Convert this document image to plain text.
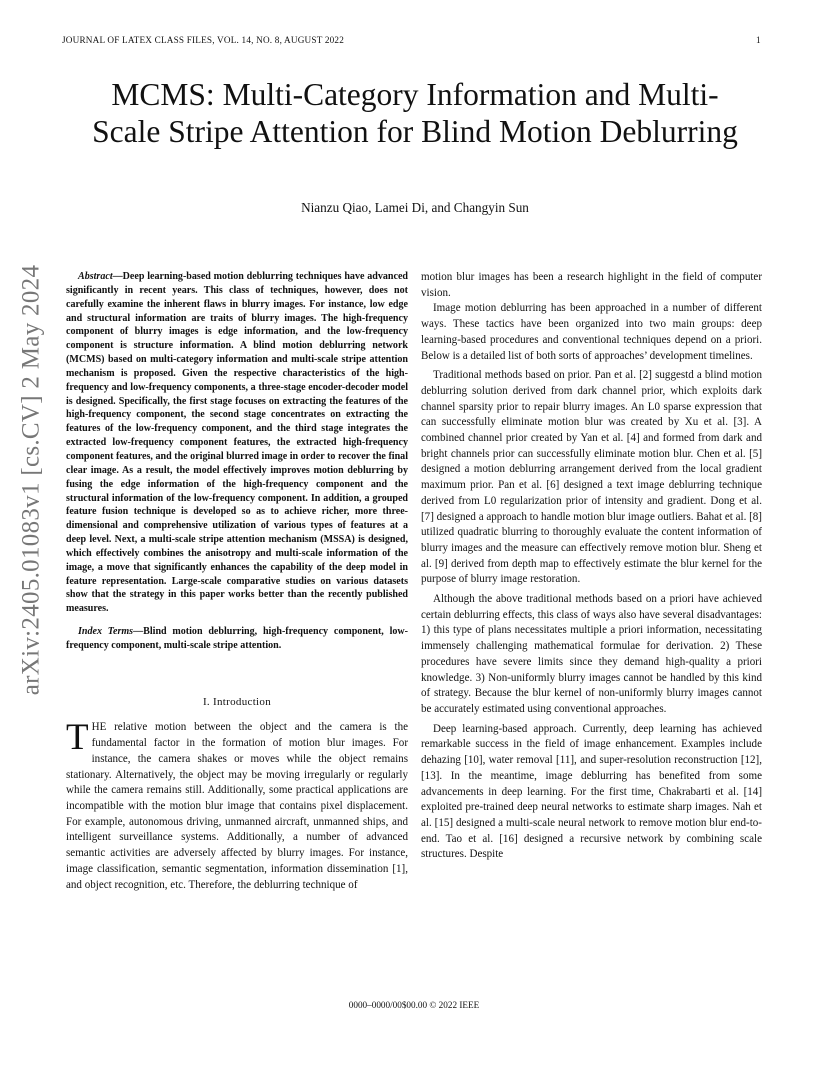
JOURNAL OF LATEX CLASS FILES, VOL. 14, NO. 8, AUGUST 2022	1
arXiv:2405.01083v1 [cs.CV] 2 May 2024
MCMS: Multi-Category Information and Multi-Scale Stripe Attention for Blind Motion Deblurring
Nianzu Qiao, Lamei Di, and Changyin Sun

Abstract—Deep learning-based motion deblurring techniques have advanced significantly in recent years. This class of techniques, however, does not carefully examine the inherent flaws in blurry images. For instance, low edge and structural information are traits of blurry images. The high-frequency component of blurry images is edge information, and the low-frequency component is structure information. A blind motion deblurring network (MCMS) based on multi-category information and multi-scale stripe attention mechanism is proposed. Given the respective characteristics of the high-frequency and low-frequency components, a three-stage encoder-decoder model is designed. Specifically, the first stage focuses on extracting the features of the high-frequency component, the second stage concentrates on extracting the features of the low-frequency component, and the third stage integrates the extracted low-frequency component features, the extracted high-frequency component features, and the original blurred image in order to recover the final clear image. As a result, the model effectively improves motion deblurring by fusing the edge information of the high-frequency component and the structural information of the low-frequency component. In addition, a grouped feature fusion technique is developed so as to achieve richer, more three-dimensional and comprehensive utilization of various types of features at a deep level. Next, a multi-scale stripe attention mechanism (MSSA) is designed, which effectively combines the anisotropy and multi-scale information of the image, a move that significantly enhances the capability of the deep model in feature representation. Large-scale comparative studies on various datasets show that the strategy in this paper works better than the recently published measures.

Index Terms—Blind motion deblurring, high-frequency component, low-frequency component, multi-scale stripe attention.

I. Introduction

THE relative motion between the object and the camera is the fundamental factor in the formation of motion blur images. For instance, the camera shakes or moves while the object remains stationary. Alternatively, the object may be moving irregularly or regularly while the camera remains still. Additionally, some practical applications are incompatible with the motion blur image that contains pixel displacement. For example, autonomous driving, unmanned aircraft, unmanned ships, and intelligent surveillance systems. Additionally, a number of advanced semantic activities are adversely affected by blurry images. For instance, image classification, semantic segmentation, information dissemination [1], and object recognition, etc. Therefore, the deblurring technique of

motion blur images has been a research highlight in the field of computer vision.

Image motion deblurring has been approached in a number of different ways. These tactics have been organized into two main groups: deep learning-based procedures and conventional techniques depend on a priori. Below is a detailed list of both sorts of approaches’ development timelines.

Traditional methods based on prior. Pan et al. [2] suggestd a blind motion deblurring solution derived from dark channel prior, which exploits dark channel sparsity prior to repair blurry images. An L0 sparse expression that can successfully eliminate motion blur was created by Xu et al. [3]. A combined channel prior created by Yan et al. [4] and formed from dark and bright channels prior can successfully eliminate motion blur. Chen et al. [5] designed a motion deblurring arrangement derived from the local gradient maximum prior. Pan et al. [6] designed a text image deblurring technique derived from L0 regularization prior of intensity and gradient. Dong et al. [7] designed a approach to handle motion blur image outliers. Bahat et al. [8] utilized quadratic blurring to thoroughly evaluate the content information of blurry images and the measure can effectively remove motion blur. Sheng et al. [9] derived from depth map to effectively estimate the blur kernel for the purpose of blurry image restoration.

Although the above traditional methods based on a priori have achieved certain deblurring effects, this class of ways also have several disadvantages: 1) this type of plans necessitates multiple a priori information, necessitating immensely challenging mathematical formulae for derivation. 2) These procedures have severe limits since they demand high-quality a priori knowledge. 3) Non-uniformly blurry images cannot be handled by this kind of strategy. Because the blur kernel of non-uniformly blurry images cannot be accurately estimated using conventional approaches.

Deep learning-based approach. Currently, deep learning has achieved remarkable success in the field of image enhancement. Examples include dehazing [10], water removal [11], and super-resolution reconstruction [12], [13]. In the meantime, image deblurring has benefited from some advancements in deep learning. For the first time, Chakrabarti et al. [14] exploited pre-trained deep neural networks to estimate sharp images. Nah et al. [15] designed a multi-scale neural network to remove motion blur end-to-end. Tao et al. [16] designed a recursive network by combining scale structures. Despite

0000–0000/00$00.00 © 2022 IEEE
